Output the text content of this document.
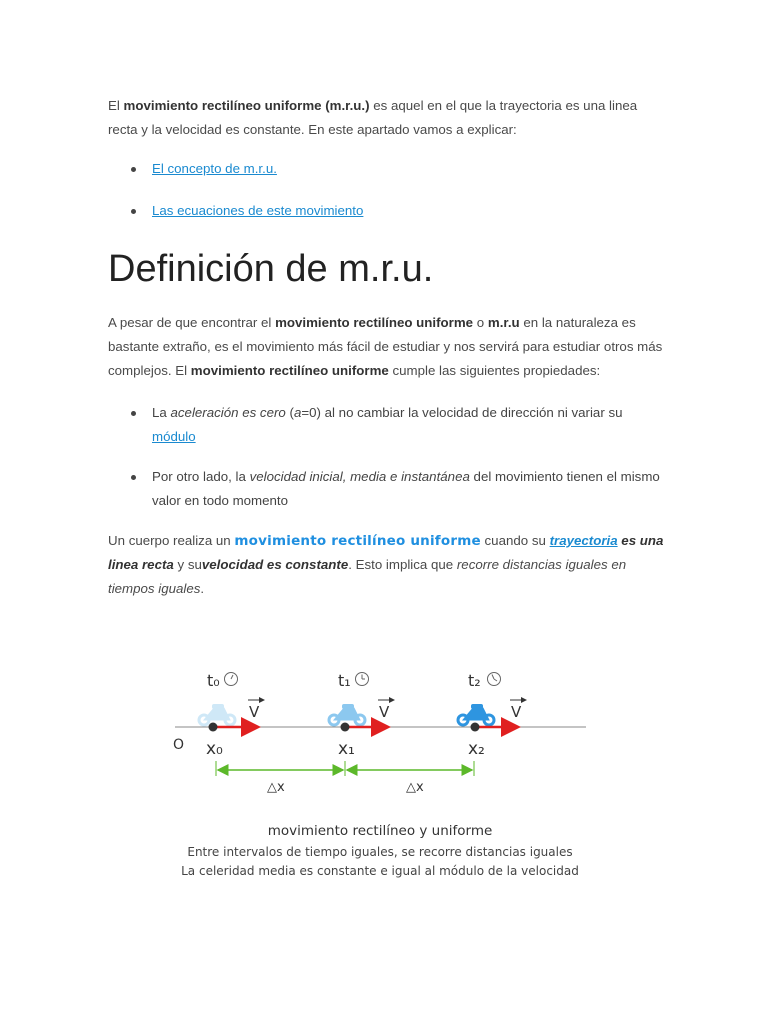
El movimiento rectilíneo uniforme (m.r.u.) es aquel en el que la trayectoria es una linea recta y la velocidad es constante. En este apartado vamos a explicar:

El concepto de m.r.u.
Las ecuaciones de este movimiento
Definición de m.r.u.

A pesar de que encontrar el movimiento rectilíneo uniforme o m.r.u en la naturaleza es bastante extraño, es el movimiento más fácil de estudiar y nos servirá para estudiar otros más complejos. El movimiento rectilíneo uniforme cumple las siguientes propiedades:

La aceleración es cero (a=0) al no cambiar la velocidad de dirección ni variar su módulo
Por otro lado, la velocidad inicial, media e instantánea del movimiento tienen el mismo valor en todo momento

Un cuerpo realiza un movimiento rectilíneo uniforme cuando su trayectoria es una linea recta y suvelocidad es constante. Esto implica que recorre distancias iguales en tiempos iguales.

O
t₀
V
x₀
t₁
V
x₁
t₂
V
x₂
△x	△x
movimiento rectilíneo y uniforme
Entre intervalos de tiempo iguales, se recorre distancias iguales
La celeridad media es constante e igual al módulo de la velocidad
